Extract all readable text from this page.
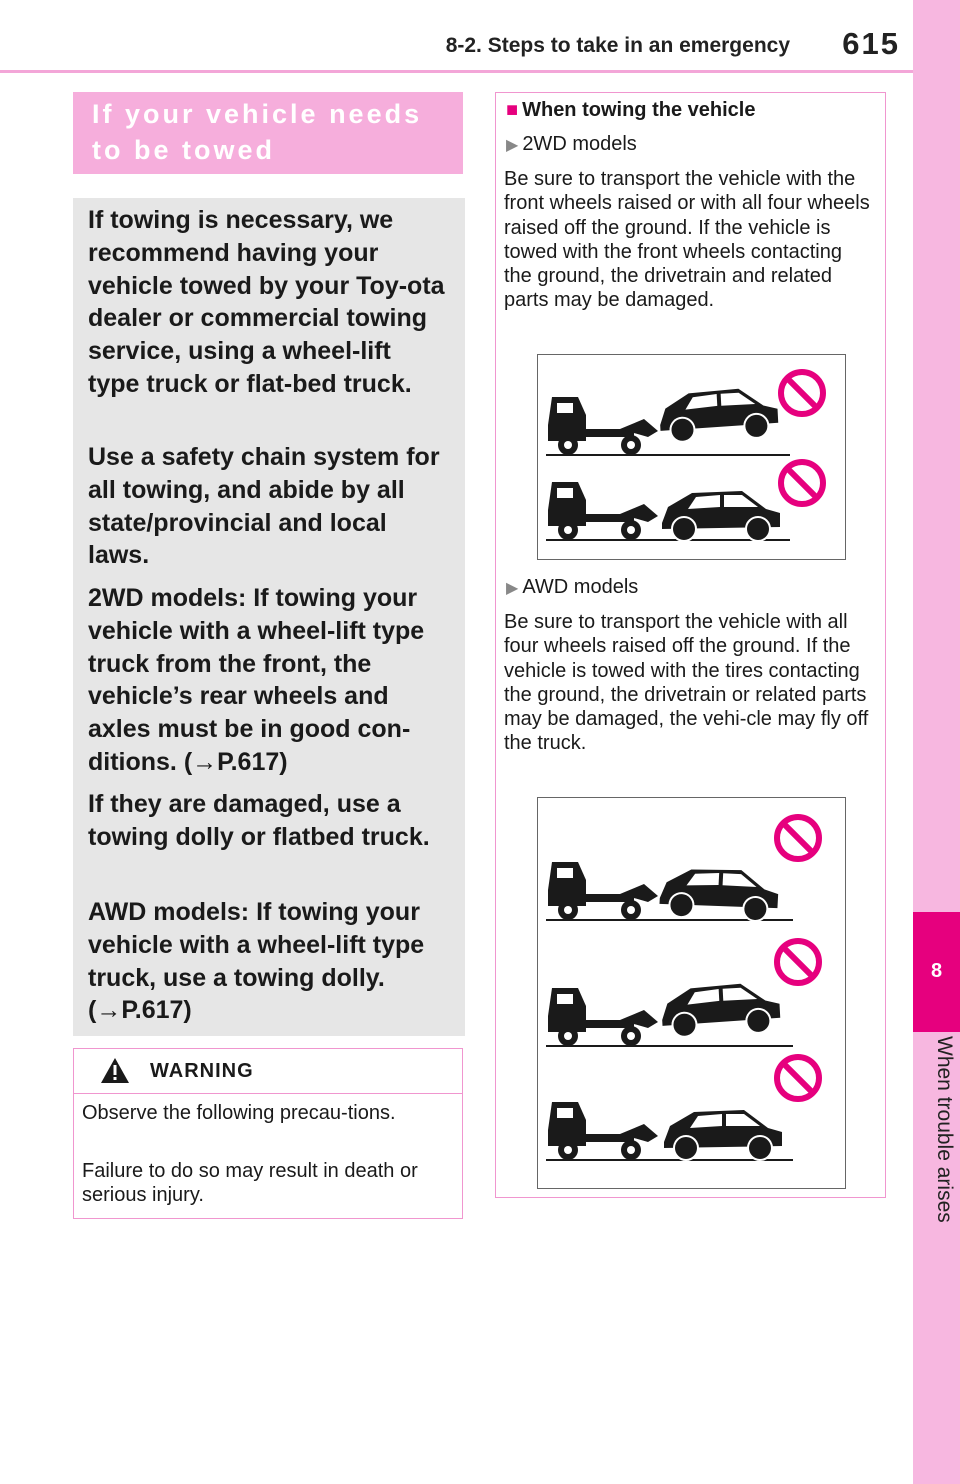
8-2. Steps to take in an emergency	615
8
When trouble arises
If your vehicle needs to be towed

If towing is necessary, we recommend having your vehicle towed by your Toy-ota dealer or commercial towing service, using a wheel-lift type truck or flat-bed truck.

Use a safety chain system for all towing, and abide by all state/provincial and local laws.

2WD models: If towing your vehicle with a wheel-lift type truck from the front, the vehicle’s rear wheels and axles must be in good con-ditions. (→P.617)

If they are damaged, use a towing dolly or flatbed truck.

AWD models: If towing your vehicle with a wheel-lift type truck, use a towing dolly. (→P.617)

WARNING

Observe the following precau-tions.

Failure to do so may result in death or serious injury.

■ When towing the vehicle
▶ 2WD models

Be sure to transport the vehicle with the front wheels raised or with all four wheels raised off the ground. If the vehicle is towed with the front wheels contacting the ground, the drivetrain and related parts may be damaged.

▶ AWD models

Be sure to transport the vehicle with all four wheels raised off the ground. If the vehicle is towed with the tires contacting the ground, the drivetrain or related parts may be damaged, the vehi-cle may fly off the truck.
